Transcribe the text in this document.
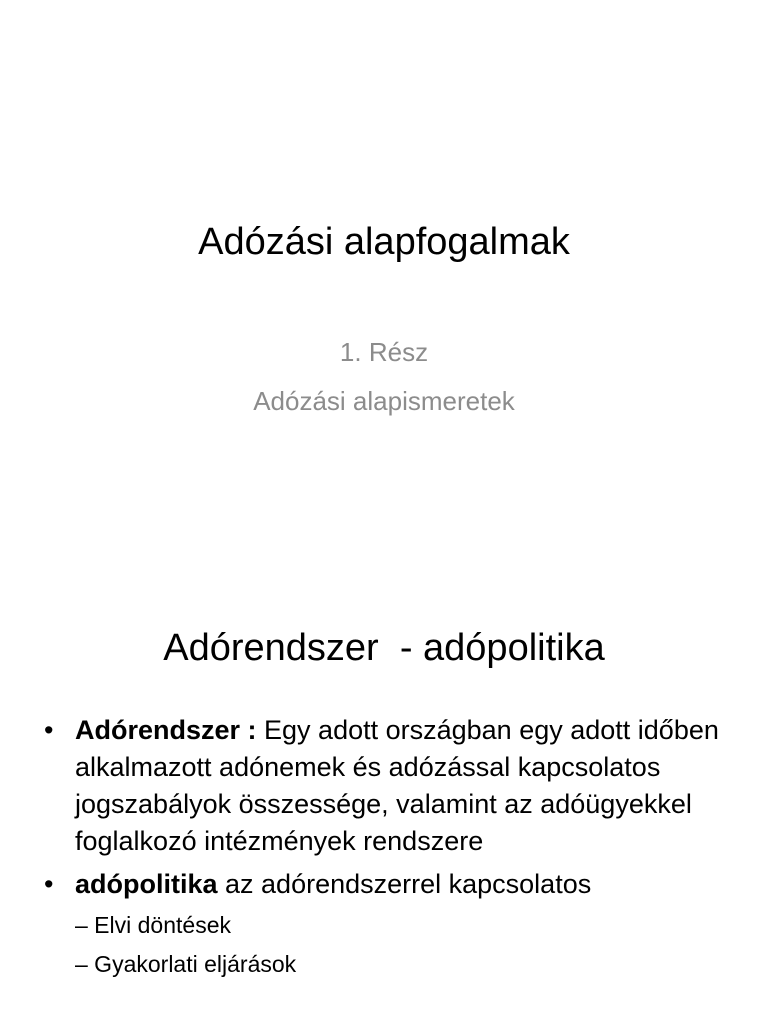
Adózási alapfogalmak

1. Rész

Adózási alapismeretek

Adórendszer  - adópolitika
• Adórendszer : Egy adott országban egy adott időben alkalmazott adónemek és adózással kapcsolatos jogszabályok összessége, valamint az adóügyekkel foglalkozó intézmények rendszere
• adópolitika az adórendszerrel kapcsolatos
– Elvi döntések
– Gyakorlati eljárások
